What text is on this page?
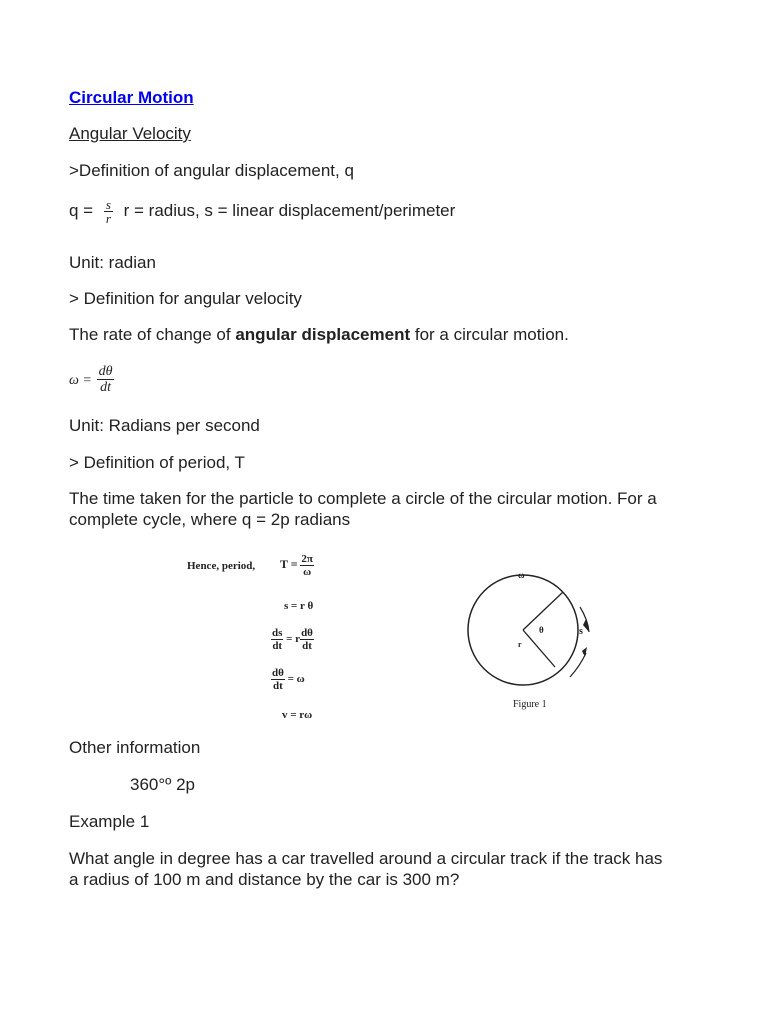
Circular Motion
Angular Velocity
>Definition of angular displacement, q
$q = \frac{s}{r}$ r = radius, s = linear displacement/perimeter
Unit: radian
> Definition for angular velocity
The rate of change of angular displacement for a circular motion.
$\omega = \frac{d\theta}{dt}$
Unit: Radians per second
> Definition of period, T
The time taken for the particle to complete a circle of the circular motion. For a
complete cycle, where q = 2p radians
Hence, period, $T = \frac{2\pi}{\omega}$
s = r θ
$\frac{ds}{dt} = r \frac{d\theta}{dt}$
$\frac{d\theta}{dt} = \omega$
v = rω
ω
θ
r
s
Figure 1
Other information
360°º 2p
Example 1
What angle in degree has a car travelled around a circular track if the track has
a radius of 100 m and distance by the car is 300 m?
